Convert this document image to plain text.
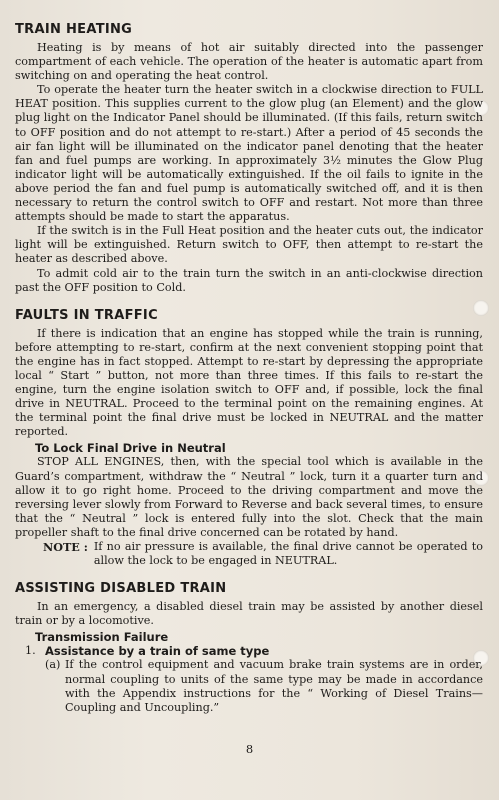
TRAIN HEATING

Heating is by means of hot air suitably directed into the passenger compartment of each vehicle. The operation of the heater is automatic apart from switching on and operating the heat control.

To operate the heater turn the heater switch in a clockwise direction to FULL HEAT position. This supplies current to the glow plug (an Element) and the glow plug light on the Indicator Panel should be illuminated. (If this fails, return switch to OFF position and do not attempt to re-start.) After a period of 45 seconds the air fan light will be illuminated on the indicator panel denoting that the heater fan and fuel pumps are working. In approximately 3½ minutes the Glow Plug indicator light will be automatically extinguished. If the oil fails to ignite in the above period the fan and fuel pump is automatically switched off, and it is then necessary to return the control switch to OFF and restart. Not more than three attempts should be made to start the apparatus.

If the switch is in the Full Heat position and the heater cuts out, the indicator light will be extinguished. Return switch to OFF, then attempt to re-start the heater as described above.

To admit cold air to the train turn the switch in an anti-clockwise direction past the OFF position to Cold.

FAULTS IN TRAFFIC

If there is indication that an engine has stopped while the train is running, before attempting to re-start, confirm at the next convenient stopping point that the engine has in fact stopped. Attempt to re-start by depressing the appropriate local “ Start ” button, not more than three times. If this fails to re-start the engine, turn the engine isolation switch to OFF and, if possible, lock the final drive in NEUTRAL. Proceed to the terminal point on the remaining engines. At the terminal point the final drive must be locked in NEUTRAL and the matter reported.

To Lock Final Drive in Neutral

STOP ALL ENGINES, then, with the special tool which is available in the Guard’s compartment, withdraw the “ Neutral ” lock, turn it a quarter turn and allow it to go right home. Proceed to the driving compartment and move the reversing lever slowly from Forward to Reverse and back several times, to ensure that the “ Neutral ” lock is entered fully into the slot. Check that the main propeller shaft to the final drive concerned can be rotated by hand.

NOTE : If no air pressure is available, the final drive cannot be operated to allow the lock to be engaged in NEUTRAL.
ASSISTING DISABLED TRAIN

In an emergency, a disabled diesel train may be assisted by another diesel train or by a locomotive.

Transmission Failure
1. Assistance by a train of same type
(a) If the control equipment and vacuum brake train systems are in order, normal coupling to units of the same type may be made in accordance with the Appendix instructions for the “ Working of Diesel Trains—Coupling and Uncoupling.”
8
